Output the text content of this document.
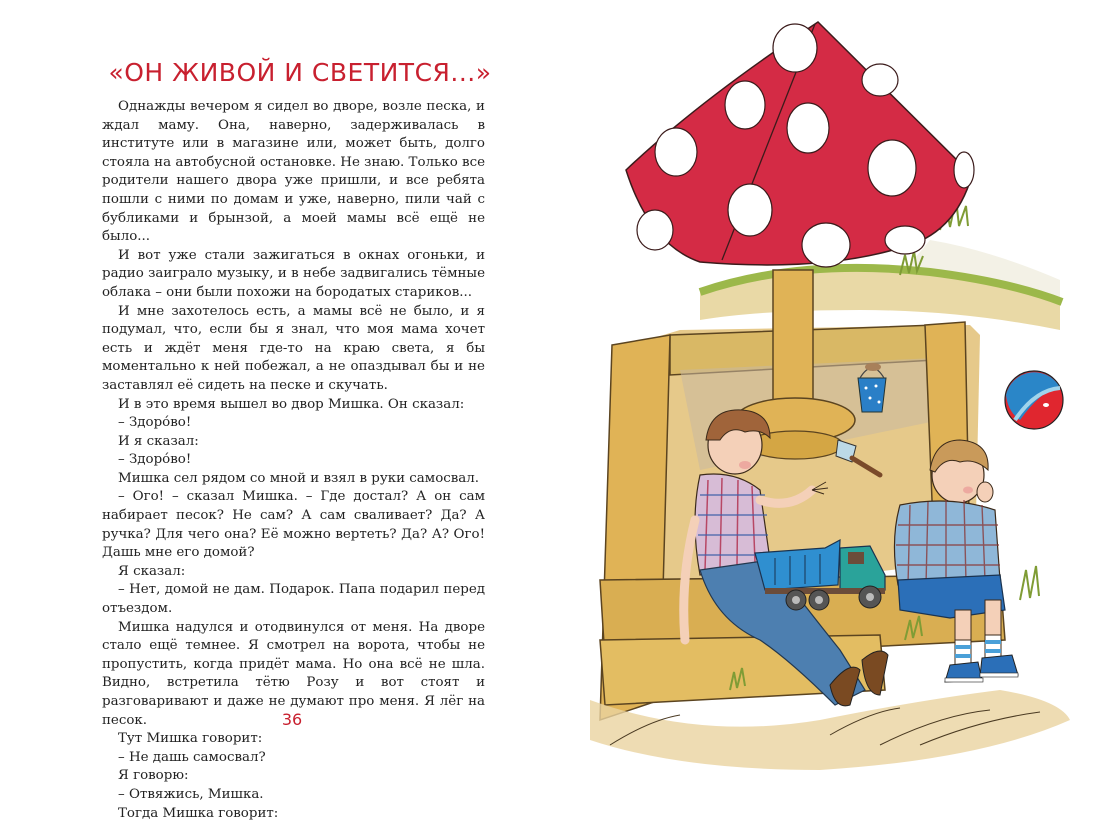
«ОН ЖИВОЙ И СВЕТИТСЯ...»

Однажды вечером я сидел во дворе, возле песка, и ждал маму. Она, наверно, задерживалась в институте или в магазине или, может быть, долго стояла на автобусной остановке. Не знаю. Только все родители нашего двора уже пришли, и все ребята пошли с ними по домам и уже, наверно, пили чай с бубликами и брынзой, а моей мамы всё ещё не было...

И вот уже стали зажигаться в окнах огоньки, и радио заиграло музыку, и в небе задвигались тёмные облака – они были похожи на бородатых стариков...

И мне захотелось есть, а мамы всё не было, и я подумал, что, если бы я знал, что моя мама хочет есть и ждёт меня где-то на краю света, я бы моментально к ней побежал, а не опаздывал бы и не заставлял её сидеть на песке и скучать.

И в это время вышел во двор Мишка. Он сказал:

– Здоро́во!

И я сказал:

– Здоро́во!

Мишка сел рядом со мной и взял в руки самосвал.

– Ого! – сказал Мишка. – Где достал? А он сам набирает песок? Не сам? А сам сваливает? Да? А ручка? Для чего она? Её можно вертеть? Да? А? Ого! Дашь мне его домой?

Я сказал:

– Нет, домой не дам. Подарок. Папа подарил перед отъездом.

Мишка надулся и отодвинулся от меня. На дворе стало ещё темнее. Я смотрел на ворота, чтобы не пропустить, когда придёт мама. Но она всё не шла. Видно, встретила тётю Розу и вот стоят и разговаривают и даже не думают про меня. Я лёг на песок.

Тут Мишка говорит:

– Не дашь самосвал?

Я говорю:

– Отвяжись, Мишка.

Тогда Мишка говорит:

36
